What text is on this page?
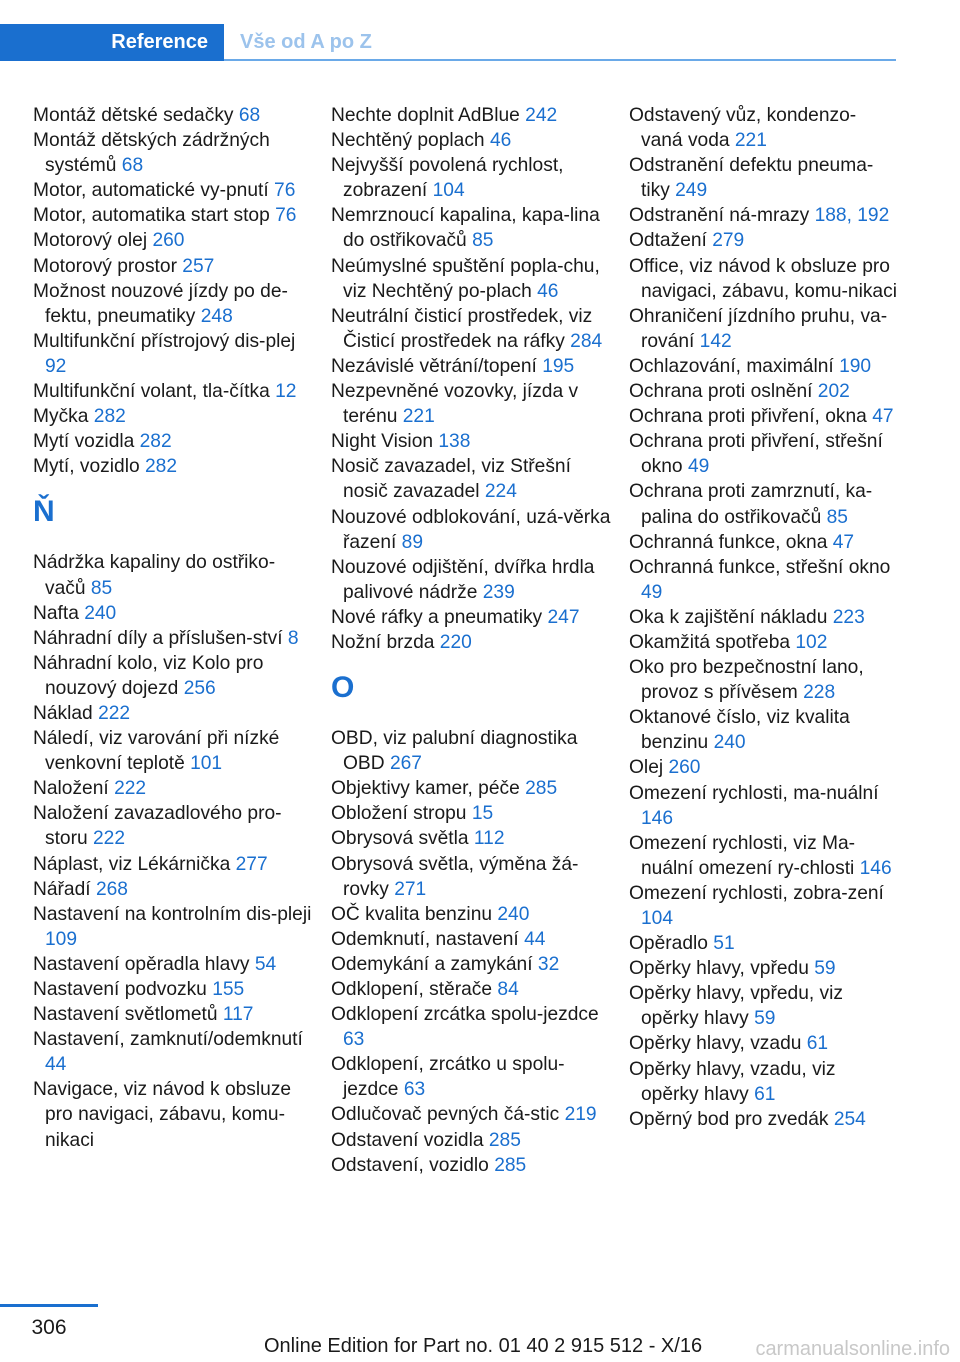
Reference	Vše od A po Z
Montáž dětské sedačky 68
Montáž dětských zádržných systémů 68
Motor, automatické vy‐pnutí 76
Motor, automatika start stop 76
Motorový olej 260
Motorový prostor 257
Možnost nouzové jízdy po de‐fektu, pneumatiky 248
Multifunkční přístrojový dis‐plej 92
Multifunkční volant, tla‐čítka 12
Myčka 282
Mytí vozidla 282
Mytí, vozidlo 282
Ň
Nádržka kapaliny do ostřiko‐vačů 85
Nafta 240
Náhradní díly a příslušen‐ství 8
Náhradní kolo, viz Kolo pro nouzový dojezd 256
Náklad 222
Náledí, viz varování při nízké venkovní teplotě 101
Naložení 222
Naložení zavazadlového pro‐storu 222
Náplast, viz Lékárnička 277
Nářadí 268
Nastavení na kontrolním dis‐pleji 109
Nastavení opěradla hlavy 54
Nastavení podvozku 155
Nastavení světlometů 117
Nastavení, zamknutí/odemknutí 44
Navigace, viz návod k obsluze pro navigaci, zábavu, komu‐nikaci
Nechte doplnit AdBlue 242
Nechtěný poplach 46
Nejvyšší povolená rychlost, zobrazení 104
Nemrznoucí kapalina, kapa‐lina do ostřikovačů 85
Neúmyslné spuštění popla‐chu, viz Nechtěný po‐plach 46
Neutrální čisticí prostředek, viz Čisticí prostředek na ráfky 284
Nezávislé větrání/topení 195
Nezpevněné vozovky, jízda v terénu 221
Night Vision 138
Nosič zavazadel, viz Střešní nosič zavazadel 224
Nouzové odblokování, uzá‐věrka řazení 89
Nouzové odjištění, dvířka hrdla palivové nádrže 239
Nové ráfky a pneumatiky 247
Nožní brzda 220
O
OBD, viz palubní diagnostika OBD 267
Objektivy kamer, péče 285
Obložení stropu 15
Obrysová světla 112
Obrysová světla, výměna žá‐rovky 271
OČ kvalita benzinu 240
Odemknutí, nastavení 44
Odemykání a zamykání 32
Odklopení, stěrače 84
Odklopení zrcátka spolu‐jezdce 63
Odklopení, zrcátko u spolu‐jezdce 63
Odlučovač pevných čá‐stic 219
Odstavení vozidla 285
Odstavení, vozidlo 285
Odstavený vůz, kondenzo‐vaná voda 221
Odstranění defektu pneuma‐tiky 249
Odstranění ná‐mrazy 188, 192
Odtažení 279
Office, viz návod k obsluze pro navigaci, zábavu, komu‐nikaci
Ohraničení jízdního pruhu, va‐rování 142
Ochlazování, maximální 190
Ochrana proti oslnění 202
Ochrana proti přivření, okna 47
Ochrana proti přivření, střešní okno 49
Ochrana proti zamrznutí, ka‐palina do ostřikovačů 85
Ochranná funkce, okna 47
Ochranná funkce, střešní okno 49
Oka k zajištění nákladu 223
Okamžitá spotřeba 102
Oko pro bezpečnostní lano, provoz s přívěsem 228
Oktanové číslo, viz kvalita benzinu 240
Olej 260
Omezení rychlosti, ma‐nuální 146
Omezení rychlosti, viz Ma‐nuální omezení ry‐chlosti 146
Omezení rychlosti, zobra‐zení 104
Opěradlo 51
Opěrky hlavy, vpředu 59
Opěrky hlavy, vpředu, viz opěrky hlavy 59
Opěrky hlavy, vzadu 61
Opěrky hlavy, vzadu, viz opěrky hlavy 61
Opěrný bod pro zvedák 254
306
Online Edition for Part no. 01 40 2 915 512 - X/16	carmanualsonline.info
